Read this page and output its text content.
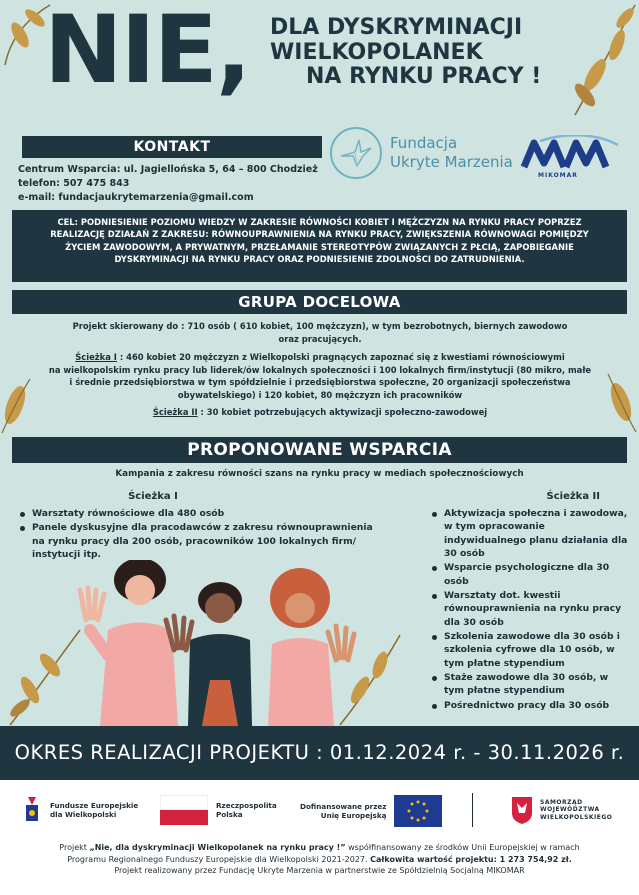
NIE, DLA DYSKRYMINACJI
WIELKOPOLANEK
NA RYNKU PRACY !
KONTAKT
Centrum Wsparcia: ul. Jagiellońska 5, 64 – 800 Chodzież
telefon: 507 475 843
e-mail: fundacjaukrytemarzenia@gmail.com
Fundacja
Ukryte Marzenia
MIKOMAR
CEL: PODNIESIENIE POZIOMU WIEDZY W ZAKRESIE RÓWNOŚCI KOBIET I MĘŻCZYZN NA RYNKU PRACY POPRZEZ
REALIZACJĘ DZIAŁAŃ Z ZAKRESU: RÓWNOUPRAWNIENIA NA RYNKU PRACY, ZWIĘKSZENIA RÓWNOWAGI POMIĘDZY
ŻYCIEM ZAWODOWYM, A PRYWATNYM, PRZEŁAMANIE STEREOTYPÓW ZWIĄZANYCH Z PŁCIĄ, ZAPOBIEGANIE
DYSKRYMINACJI NA RYNKU PRACY ORAZ PODNIESIENIE ZDOLNOŚCI DO ZATRUDNIENIA.
GRUPA DOCELOWA

Projekt skierowany do : 710 osób ( 610 kobiet, 100 mężczyzn), w tym bezrobotnych, biernych zawodowo
oraz pracujących.

Ścieżka I : 460 kobiet 20 mężczyzn z Wielkopolski pragnących zapoznać się z kwestiami równościowymi
na wielkopolskim rynku pracy lub liderek/ów lokalnych społeczności i 100 lokalnych firm/instytucji (80 mikro, małe
i średnie przedsiębiorstwa w tym spółdzielnie i przedsiębiorstwa społeczne, 20 organizacji społeczeństwa
obywatelskiego) i 120 kobiet, 80 mężczyzn ich pracowników

Ścieżka II : 30 kobiet potrzebujących aktywizacji społeczno-zawodowej

PROPONOWANE WSPARCIA
Kampania z zakresu równości szans na rynku pracy w mediach społecznościowych
Ścieżka I
Warsztaty równościowe dla 480 osób
Panele dyskusyjne dla pracodawców z zakresu równouprawnienia na rynku pracy dla 200 osób, pracowników 100 lokalnych firm/ instytucji itp.
Ścieżka II
Aktywizacja społeczna i zawodowa, w tym opracowanie indywidualnego planu działania dla 30 osób
Wsparcie psychologiczne dla 30 osób
Warsztaty dot. kwestii równouprawnienia na rynku pracy dla 30 osób
Szkolenia zawodowe dla 30 osób i szkolenia cyfrowe dla 10 osób, w tym płatne stypendium
Staże zawodowe dla 30 osób, w tym płatne stypendium
Pośrednictwo pracy dla 30 osób
OKRES REALIZACJI PROJEKTU : 01.12.2024 r. - 30.11.2026 r.
Fundusze Europejskie
dla Wielkopolski
Rzeczpospolita
Polska
Dofinansowane przez
Unię Europejską
SAMORZĄD
WOJEWÓDZTWA
WIELKOPOLSKIEGO
Projekt „Nie, dla dyskryminacji Wielkopolanek na rynku pracy !” współfinansowany ze środków Unii Europejskiej w ramach
Programu Regionalnego Funduszy Europejskie dla Wielkopolski 2021-2027. Całkowita wartość projektu: 1 273 754,92 zł.
Projekt realizowany przez Fundację Ukryte Marzenia w partnerstwie ze Spółdzielnią Socjalną MIKOMAR
